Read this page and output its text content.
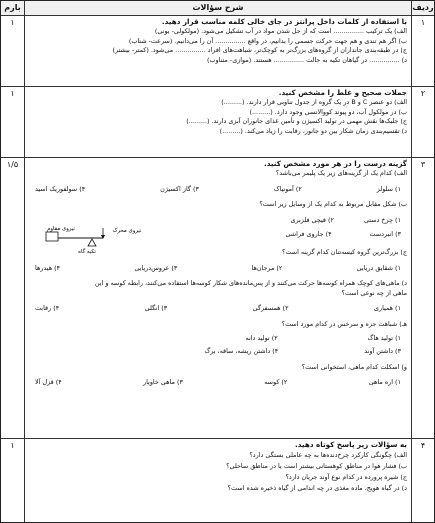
ردیف
شرح سؤالات
بارم
۱
با استفاده از کلمات داخل پرانتز در جای خالی کلمه مناسب قرار دهید.
الف) یک ترکیب ............... است که از حل شدن مواد در آب تشکیل می‌شود. (مولکولی- یونی)
ب) اگر هم تندی و هم جهت حرکت جسمی را بدانیم، در واقع ............... آن را می‌دانیم. (سرعت- شتاب)
ج) در طبقه‌بندی جانداران از گروه‌های بزرگ‌تر به کوچک‌تر، شباهت‌های افراد ............... می‌شود. (کمتر- بیشتر)
د) ............... در گیاهان تکیه به حالت ............... هستند. (موازی- متناوب)
۱
۲
جملات صحیح و غلط را مشخص کنید.
الف) دو عنصر C و B در یک گروه از جدول تناوبی قرار دارند. (.........)
ب) در مولکول آب، دو پیوند کووالانسی وجود دارد. (.........)
ج) جلبک‌ها نقش مهمی در تولید اکسیژن و تأمین غذای جانوران آبزی دارند. (.........)
د) تقسیم‌بندی زمان شکار بین دو جانور، رقابت را زیاد می‌کند. (.........)
۱
۳
گزینه درست را در هر مورد مشخص کنید.
الف) کدام یک از گزینه‌های زیر یک پلیمر می‌باشد؟
۱) سلولز
۲) آمونیاک
۳) گاز اکسیژن
۴) سولفوریک اسید
ب) شکل مقابل مربوط به کدام یک از وسایل زیر است؟
۱) چرخ دستی
۲) قیچی فلزبری
۳) انبردست
۴) جاروی فراشی
نیروی محرک
نیروی مقاوم
تکیه گاه	ج) بزرگ‌ترین گروه کیسه‌تنان کدام گزینه است؟
۱) شقایق دریایی
۲) مرجان‌ها
۳) عروس‌دریایی
۴) هیدرها
د) ماهی‌های کوچک همراه کوسه‌ها حرکت می‌کنند و از پس‌مانده‌های شکار کوسه‌ها استفاده می‌کنند، رابطه کوسه و این
ماهی از چه نوعی است؟
۱) همیاری
۲) همسفرگی
۳) انگلی
۴) رقابت
هـ) شباهت جزه و سرخس در کدام مورد است؟
۱) تولید هاگ
۲) تولید دانه
۳) داشتن آوند
۴) داشتن ریشه، ساقه، برگ
و) اسکلت کدام ماهی، استخوانی است؟
۱) اره ماهی
۲) کوسه
۳) ماهی خاویار
۴) قزل آلا
۱/۵
۴
به سؤالات زیر پاسخ کوتاه دهید.
الف) چگونگی کارکرد چرخ‌دنده‌ها به چه عاملی بستگی دارد؟
ب) فشار هوا در مناطق کوهستانی بیشتر است یا در مناطق ساحلی؟
ج) شیره پرورده در کدام نوع آوند جریان دارد؟
د) در گیاه هویج، ماده مغذی در چه اندامی از گیاه ذخیره شده است؟
۱
